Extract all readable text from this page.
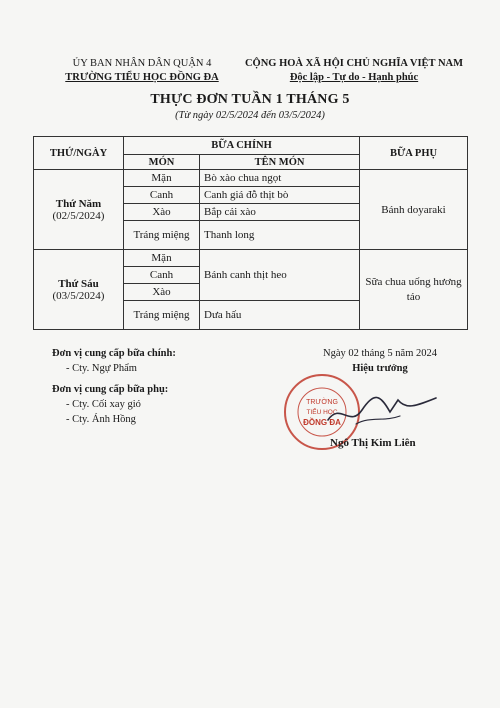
ỦY BAN NHÂN DÂN QUẬN 4
TRƯỜNG TIỂU HỌC ĐỒNG ĐA
CỘNG HOÀ XÃ HỘI CHỦ NGHĨA VIỆT NAM
Độc lập - Tự do - Hạnh phúc
THỰC ĐƠN TUẦN 1 THÁNG 5
(Từ ngày 02/5/2024 đến 03/5/2024)
THỨ/NGÀY	BỮA CHÍNH		BỮA PHỤ
	MÓN	TÊN MÓN	

Thứ Năm
(02/5/2024)	Mặn	Bò xào chua ngọt	Bánh doyaraki
	Canh	Canh giá đỗ thịt bò	
	Xào	Bắp cải xào	
	Tráng miệng	Thanh long	

Thứ Sáu
(03/5/2024)	Mặn	Bánh canh thịt heo	Sữa chua uống hương táo
	Canh		
	Xào		
	Tráng miệng	Dưa hấu	
Đơn vị cung cấp bữa chính:
- Cty. Ngự Phẩm
Đơn vị cung cấp bữa phụ:
- Cty. Cối xay gió
- Cty. Ánh Hồng
Ngày 02 tháng 5 năm 2024
Hiệu trưởng
TRƯỜNG
TIỂU HỌC
ĐỒNG ĐA
Ngô Thị Kim Liên
